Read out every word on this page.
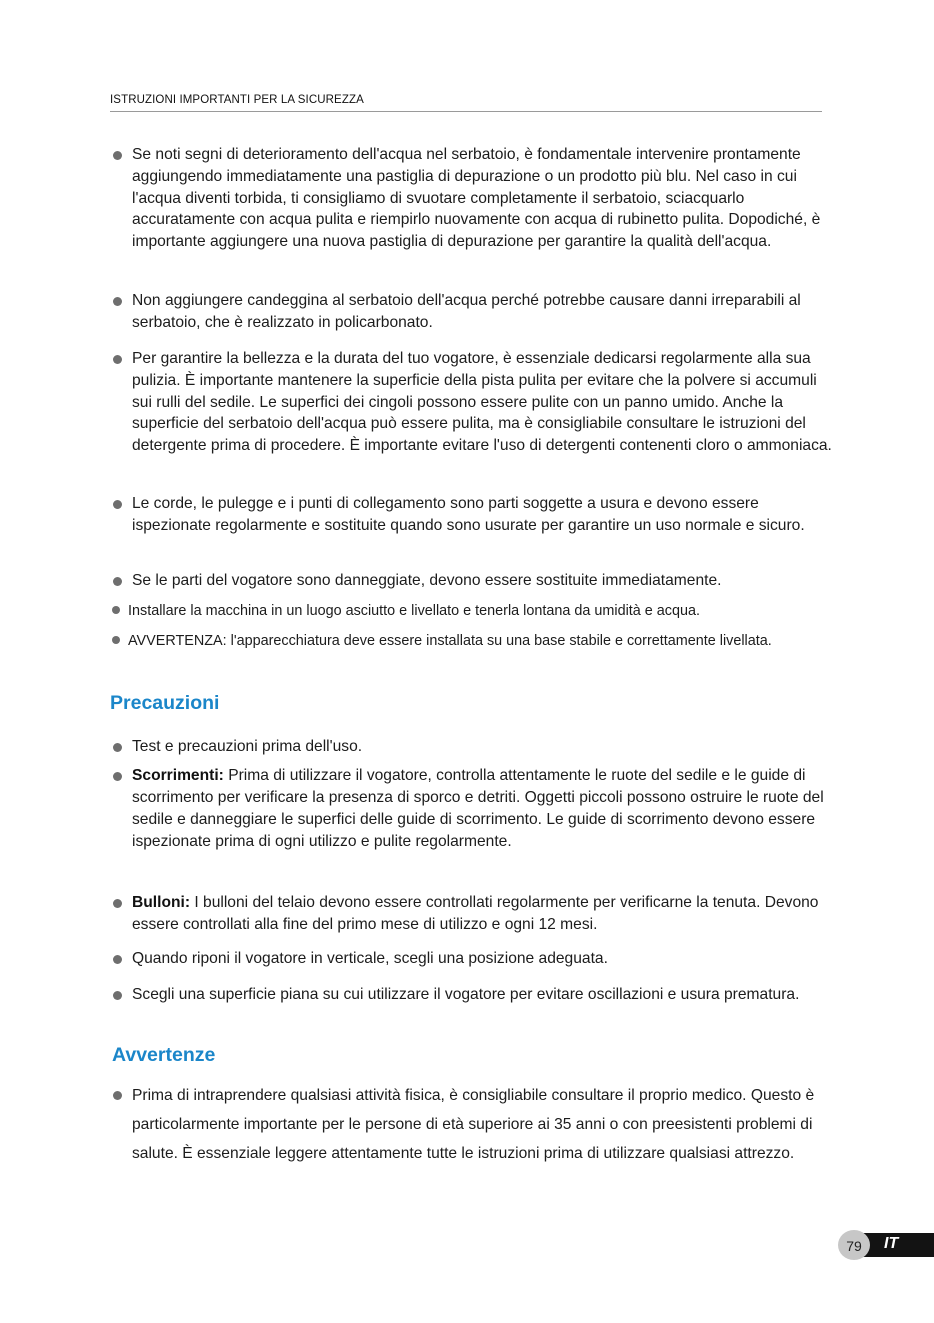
ISTRUZIONI IMPORTANTI PER LA SICUREZZA
Se noti segni di deterioramento dell'acqua nel serbatoio, è fondamentale intervenire prontamente aggiungendo immediatamente una pastiglia di depurazione o un prodotto più blu. Nel caso in cui l'acqua diventi torbida, ti consigliamo di svuotare completamente il serbatoio, sciacquarlo accuratamente con acqua pulita e riempirlo nuovamente con acqua di rubinetto pulita. Dopodiché, è importante aggiungere una nuova pastiglia di depurazione per garantire la qualità dell'acqua.
Non aggiungere candeggina al serbatoio dell'acqua perché potrebbe causare danni irreparabili al serbatoio, che è realizzato in policarbonato.
Per garantire la bellezza e la durata del tuo vogatore, è essenziale dedicarsi regolarmente alla sua pulizia. È importante mantenere la superficie della pista pulita per evitare che la polvere si accumuli sui rulli del sedile. Le superfici dei cingoli possono essere pulite con un panno umido. Anche la superficie del serbatoio dell'acqua può essere pulita, ma è consigliabile consultare le istruzioni del detergente prima di procedere. È importante evitare l'uso di detergenti contenenti cloro o ammoniaca.
Le corde, le pulegge e i punti di collegamento sono parti soggette a usura e devono essere ispezionate regolarmente e sostituite quando sono usurate per garantire un uso normale e sicuro.
Se le parti del vogatore sono danneggiate, devono essere sostituite immediatamente.
Installare la macchina in un luogo asciutto e livellato e tenerla lontana da umidità e acqua.
AVVERTENZA: l'apparecchiatura deve essere installata su una base stabile e correttamente livellata.
Precauzioni
Test e precauzioni prima dell'uso.
Scorrimenti: Prima di utilizzare il vogatore, controlla attentamente le ruote del sedile e le guide di scorrimento per verificare la presenza di sporco e detriti. Oggetti piccoli possono ostruire le ruote del sedile e danneggiare le superfici delle guide di scorrimento. Le guide di scorrimento devono essere ispezionate prima di ogni utilizzo e pulite regolarmente.
Bulloni: I bulloni del telaio devono essere controllati regolarmente per verificarne la tenuta. Devono essere controllati alla fine del primo mese di utilizzo e ogni 12 mesi.
Quando riponi il vogatore in verticale, scegli una posizione adeguata.
Scegli una superficie piana su cui utilizzare il vogatore per evitare oscillazioni e usura prematura.
Avvertenze
Prima di intraprendere qualsiasi attività fisica, è consigliabile consultare il proprio medico. Questo è particolarmente importante per le persone di età superiore ai 35 anni o con preesistenti problemi di salute. È essenziale leggere attentamente tutte le istruzioni prima di utilizzare qualsiasi attrezzo.
IT
79
